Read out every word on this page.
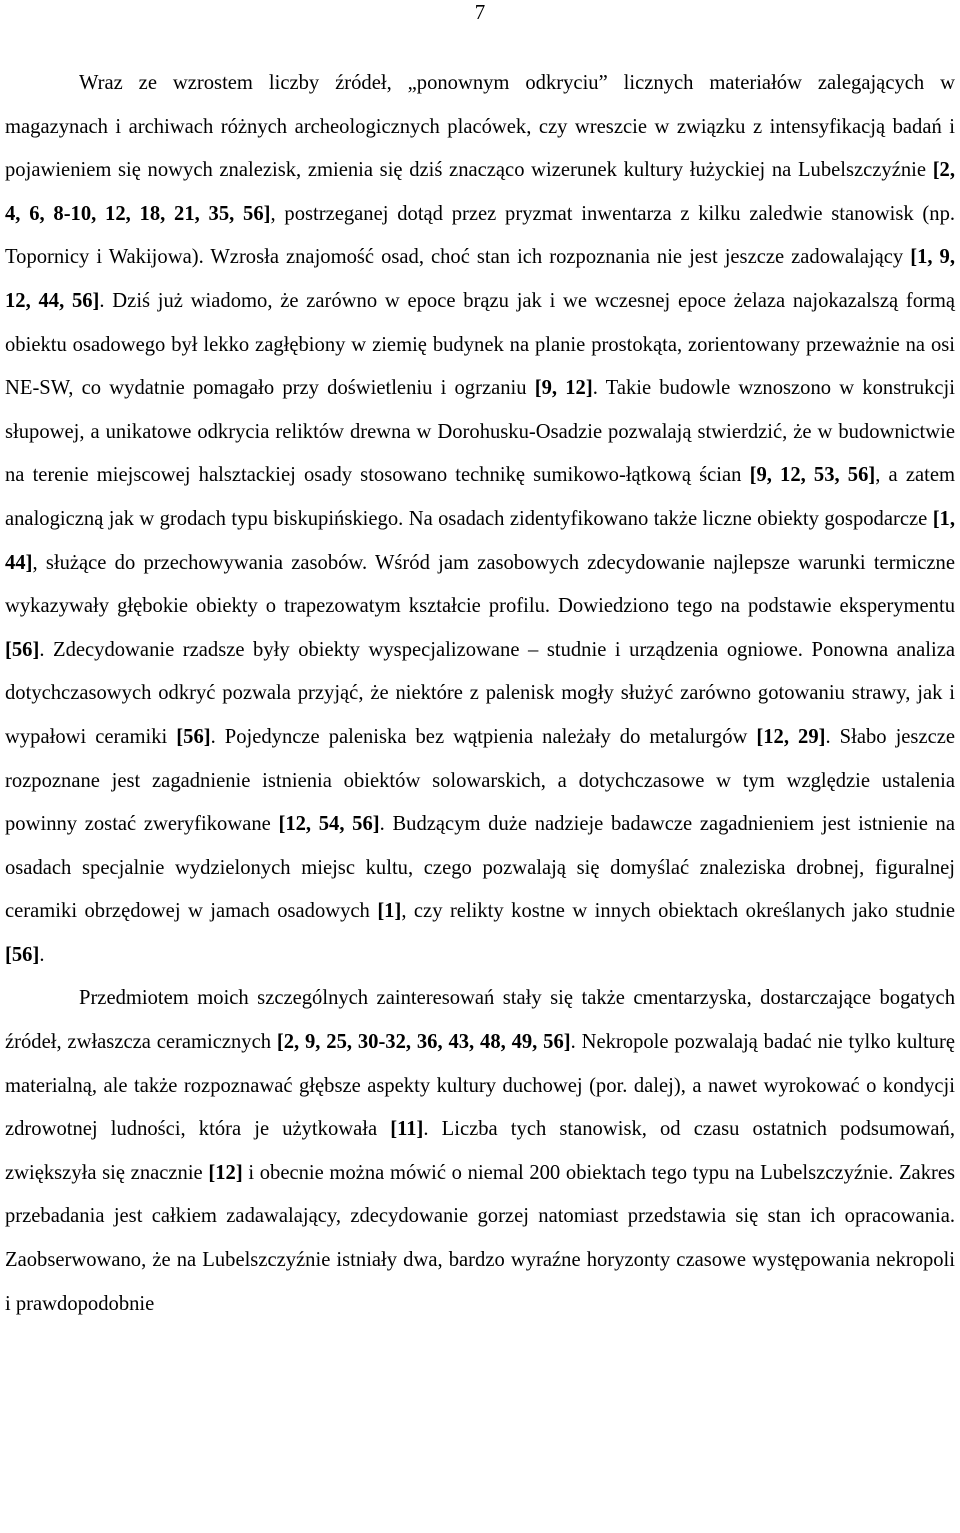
7

Wraz ze wzrostem liczby źródeł, „ponownym odkryciu” licznych materiałów zalegających w magazynach i archiwach różnych archeologicznych placówek, czy wreszcie w związku z intensyfikacją badań i pojawieniem się nowych znalezisk, zmienia się dziś znacząco wizerunek kultury łużyckiej na Lubelszczyźnie [2, 4, 6, 8-10, 12, 18, 21, 35, 56], postrzeganej dotąd przez pryzmat inwentarza z kilku zaledwie stanowisk (np. Topornicy i Wakijowa). Wzrosła znajomość osad, choć stan ich rozpoznania nie jest jeszcze zadowalający [1, 9, 12, 44, 56]. Dziś już wiadomo, że zarówno w epoce brązu jak i we wczesnej epoce żelaza najokazalszą formą obiektu osadowego był lekko zagłębiony w ziemię budynek na planie prostokąta, zorientowany przeważnie na osi NE-SW, co wydatnie pomagało przy doświetleniu i ogrzaniu [9, 12]. Takie budowle wznoszono w konstrukcji słupowej, a unikatowe odkrycia reliktów drewna w Dorohusku-Osadzie pozwalają stwierdzić, że w budownictwie na terenie miejscowej halsztackiej osady stosowano technikę sumikowo-łątkową ścian [9, 12, 53, 56], a zatem analogiczną jak w grodach typu biskupińskiego. Na osadach zidentyfikowano także liczne obiekty gospodarcze [1, 44], służące do przechowywania zasobów. Wśród jam zasobowych zdecydowanie najlepsze warunki termiczne wykazywały głębokie obiekty o trapezowatym kształcie profilu. Dowiedziono tego na podstawie eksperymentu [56]. Zdecydowanie rzadsze były obiekty wyspecjalizowane – studnie i urządzenia ogniowe. Ponowna analiza dotychczasowych odkryć pozwala przyjąć, że niektóre z palenisk mogły służyć zarówno gotowaniu strawy, jak i wypałowi ceramiki [56]. Pojedyncze paleniska bez wątpienia należały do metalurgów [12, 29]. Słabo jeszcze rozpoznane jest zagadnienie istnienia obiektów solowarskich, a dotychczasowe w tym względzie ustalenia powinny zostać zweryfikowane [12, 54, 56]. Budzącym duże nadzieje badawcze zagadnieniem jest istnienie na osadach specjalnie wydzielonych miejsc kultu, czego pozwalają się domyślać znaleziska drobnej, figuralnej ceramiki obrzędowej w jamach osadowych [1], czy relikty kostne w innych obiektach określanych jako studnie [56].

Przedmiotem moich szczególnych zainteresowań stały się także cmentarzyska, dostarczające bogatych źródeł, zwłaszcza ceramicznych [2, 9, 25, 30-32, 36, 43, 48, 49, 56]. Nekropole pozwalają badać nie tylko kulturę materialną, ale także rozpoznawać głębsze aspekty kultury duchowej (por. dalej), a nawet wyrokować o kondycji zdrowotnej ludności, która je użytkowała [11]. Liczba tych stanowisk, od czasu ostatnich podsumowań, zwiększyła się znacznie [12] i obecnie można mówić o niemal 200 obiektach tego typu na Lubelszczyźnie. Zakres przebadania jest całkiem zadawalający, zdecydowanie gorzej natomiast przedstawia się stan ich opracowania. Zaobserwowano, że na Lubelszczyźnie istniały dwa, bardzo wyraźne horyzonty czasowe występowania nekropoli i prawdopodobnie
